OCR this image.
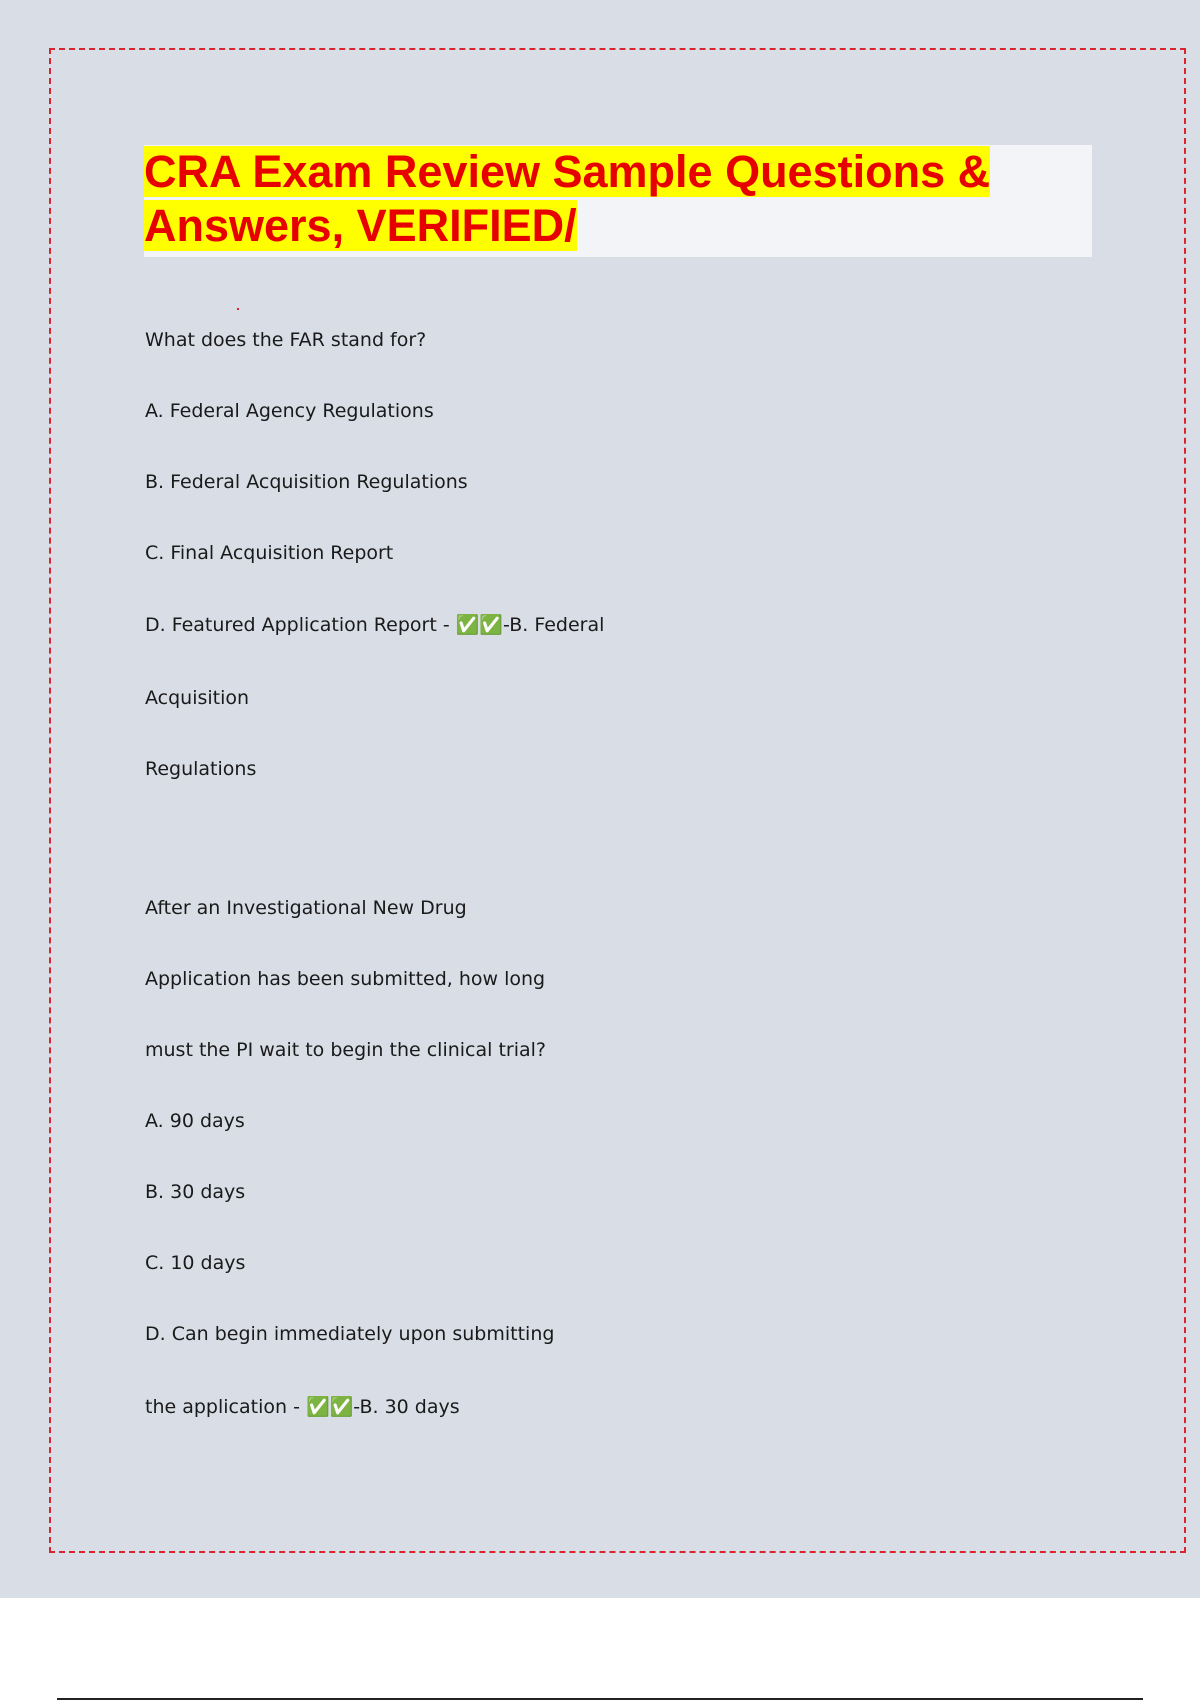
CRA Exam Review Sample Questions &
Answers, VERIFIED/

What does the FAR stand for?

A. Federal Agency Regulations

B. Federal Acquisition Regulations

C. Final Acquisition Report

D. Featured Application Report - ✅✅-B. Federal

Acquisition

Regulations

After an Investigational New Drug

Application has been submitted, how long

must the PI wait to begin the clinical trial?

A. 90 days

B. 30 days

C. 10 days

D. Can begin immediately upon submitting

the application - ✅✅-B. 30 days
